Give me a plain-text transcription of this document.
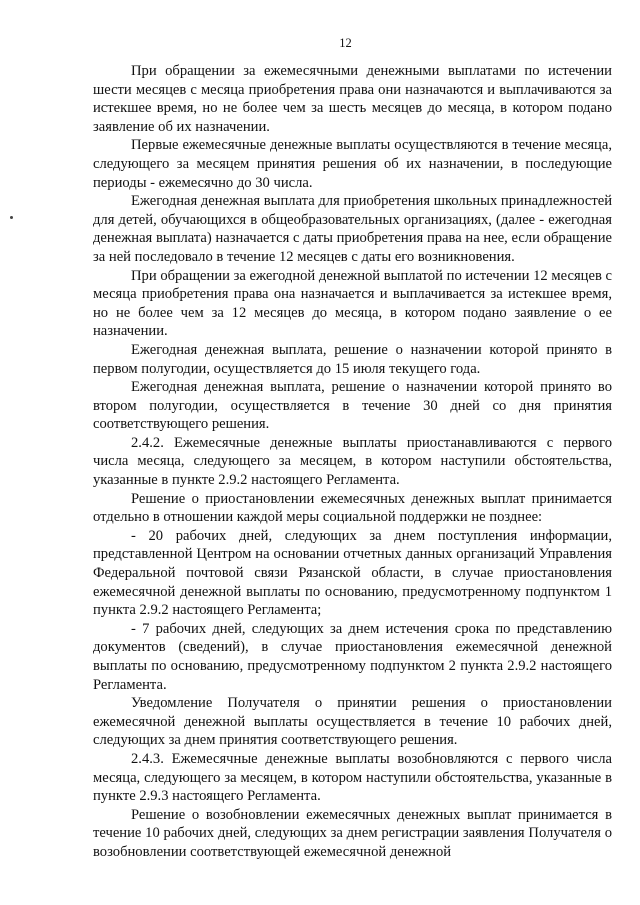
12

При обращении за ежемесячными денежными выплатами по истечении шести месяцев с месяца приобретения права они назначаются и выплачиваются за истекшее время, но не более чем за шесть месяцев до месяца, в котором подано заявление об их назначении.

Первые ежемесячные денежные выплаты осуществляются в течение месяца, следующего за месяцем принятия решения об их назначении, в последующие периоды - ежемесячно до 30 числа.

Ежегодная денежная выплата для приобретения школьных принадлежностей для детей, обучающихся в общеобразовательных организациях, (далее - ежегодная денежная выплата) назначается с даты приобретения права на нее, если обращение за ней последовало в течение 12 месяцев с даты его возникновения.

При обращении за ежегодной денежной выплатой по истечении 12 месяцев с месяца приобретения права она назначается и выплачивается за истекшее время, но не более чем за 12 месяцев до месяца, в котором подано заявление о ее назначении.

Ежегодная денежная выплата, решение о назначении которой принято в первом полугодии, осуществляется до 15 июля текущего года.

Ежегодная денежная выплата, решение о назначении которой принято во втором полугодии, осуществляется в течение 30 дней со дня принятия соответствующего решения.

2.4.2. Ежемесячные денежные выплаты приостанавливаются с первого числа месяца, следующего за месяцем, в котором наступили обстоятельства, указанные в пункте 2.9.2 настоящего Регламента.

Решение о приостановлении ежемесячных денежных выплат принимается отдельно в отношении каждой меры социальной поддержки не позднее:

- 20 рабочих дней, следующих за днем поступления информации, представленной Центром на основании отчетных данных организаций Управления Федеральной почтовой связи Рязанской области, в случае приостановления ежемесячной денежной выплаты по основанию, предусмотренному подпунктом 1 пункта 2.9.2 настоящего Регламента;

- 7 рабочих дней, следующих за днем истечения срока по представлению документов (сведений), в случае приостановления ежемесячной денежной выплаты по основанию, предусмотренному подпунктом 2 пункта 2.9.2 настоящего Регламента.

Уведомление Получателя о принятии решения о приостановлении ежемесячной денежной выплаты осуществляется в течение 10 рабочих дней, следующих за днем принятия соответствующего решения.

2.4.3. Ежемесячные денежные выплаты возобновляются с первого числа месяца, следующего за месяцем, в котором наступили обстоятельства, указанные в пункте 2.9.3 настоящего Регламента.

Решение о возобновлении ежемесячных денежных выплат принимается в течение 10 рабочих дней, следующих за днем регистрации заявления Получателя о возобновлении соответствующей ежемесячной денежной
